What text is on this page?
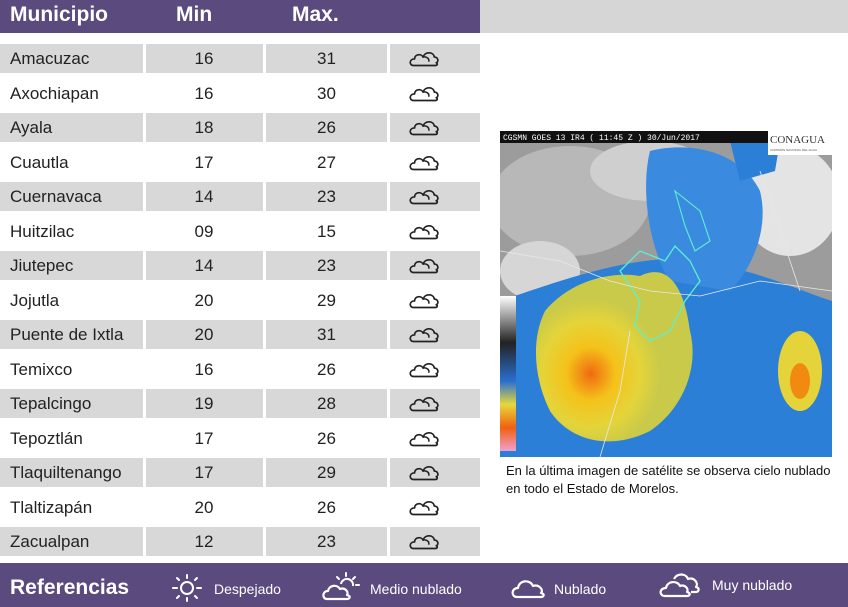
Municipio	Min	Max.
Amacuzac	16	31
Axochiapan	16	30
Ayala	18	26
Cuautla	17	27
Cuernavaca	14	23
Huitzilac	09	15
Jiutepec	14	23
Jojutla	20	29
Puente de Ixtla	20	31
Temixco	16	26
Tepalcingo	19	28
Tepoztlán	17	26
Tlaquiltenango	17	29
Tlaltizapán	20	26
Zacualpan	12	23
CGSMN GOES 13 IR4 ( 11:45 Z ) 30/Jun/2017	CONAGUA
COMISIÓN NACIONAL DEL AGUA
En la última imagen de satélite se observa cielo nublado en todo el Estado de Morelos.
Referencias	Despejado	Medio nublado	Nublado	Muy nublado
